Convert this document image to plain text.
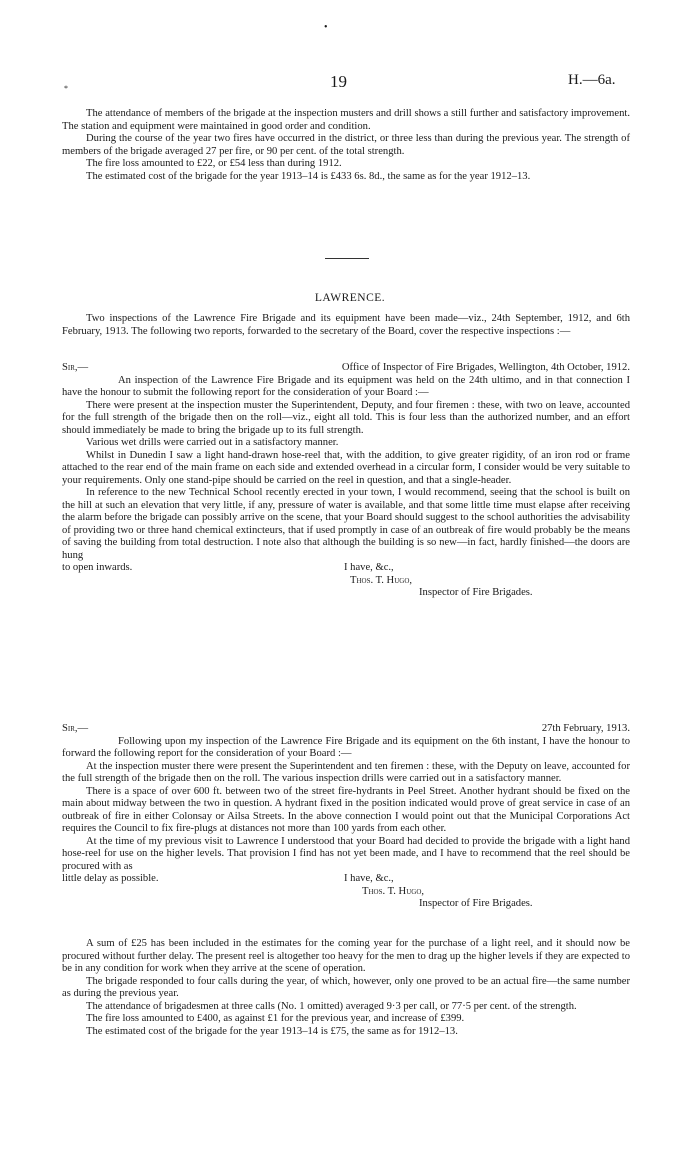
•
19	H.—6a.
*

The attendance of members of the brigade at the inspection musters and drill shows a still further and satisfactory improvement. The station and equipment were maintained in good order and condition.

During the course of the year two fires have occurred in the district, or three less than during the previous year. The strength of members of the brigade averaged 27 per fire, or 90 per cent. of the total strength.

The fire loss amounted to £22, or £54 less than during 1912.

The estimated cost of the brigade for the year 1913–14 is £433 6s. 8d., the same as for the year 1912–13.

LAWRENCE.

Two inspections of the Lawrence Fire Brigade and its equipment have been made—viz., 24th September, 1912, and 6th February, 1913. The following two reports, forwarded to the secretary of the Board, cover the respective inspections :—

Sir,—	Office of Inspector of Fire Brigades, Wellington, 4th October, 1912.

An inspection of the Lawrence Fire Brigade and its equipment was held on the 24th ultimo, and in that connection I have the honour to submit the following report for the consideration of your Board :—

There were present at the inspection muster the Superintendent, Deputy, and four firemen : these, with two on leave, accounted for the full strength of the brigade then on the roll—viz., eight all told. This is four less than the authorized number, and an effort should immediately be made to bring the brigade up to its full strength.

Various wet drills were carried out in a satisfactory manner.

Whilst in Dunedin I saw a light hand-drawn hose-reel that, with the addition, to give greater rigidity, of an iron rod or frame attached to the rear end of the main frame on each side and extended overhead in a circular form, I consider would be very suitable to your requirements. Only one stand-pipe should be carried on the reel in question, and that a single-header.

In reference to the new Technical School recently erected in your town, I would recommend, seeing that the school is built on the hill at such an elevation that very little, if any, pressure of water is available, and that some little time must elapse after receiving the alarm before the brigade can possibly arrive on the scene, that your Board should suggest to the school authorities the advisability of providing two or three hand chemical extincteurs, that if used promptly in case of an outbreak of fire would probably be the means of saving the building from total destruction. I note also that although the building is so new—in fact, hardly finished—the doors are hung

to open inwards.	I have, &c.,
Thos. T. Hugo,
Inspector of Fire Brigades.
Sir,—	27th February, 1913.

Following upon my inspection of the Lawrence Fire Brigade and its equipment on the 6th instant, I have the honour to forward the following report for the consideration of your Board :—

At the inspection muster there were present the Superintendent and ten firemen : these, with the Deputy on leave, accounted for the full strength of the brigade then on the roll. The various inspection drills were carried out in a satisfactory manner.

There is a space of over 600 ft. between two of the street fire-hydrants in Peel Street. Another hydrant should be fixed on the main about midway between the two in question. A hydrant fixed in the position indicated would prove of great service in case of an outbreak of fire in either Colonsay or Ailsa Streets. In the above connection I would point out that the Municipal Corporations Act requires the Council to fix fire-plugs at distances not more than 100 yards from each other.

At the time of my previous visit to Lawrence I understood that your Board had decided to provide the brigade with a light hand hose-reel for use on the higher levels. That provision I find has not yet been made, and I have to recommend that the reel should be procured with as

little delay as possible.	I have, &c.,
Thos. T. Hugo,
Inspector of Fire Brigades.

A sum of £25 has been included in the estimates for the coming year for the purchase of a light reel, and it should now be procured without further delay. The present reel is altogether too heavy for the men to drag up the higher levels if they are expected to be in any condition for work when they arrive at the scene of operation.

The brigade responded to four calls during the year, of which, however, only one proved to be an actual fire—the same number as during the previous year.

The attendance of brigadesmen at three calls (No. 1 omitted) averaged 9·3 per call, or 77·5 per cent. of the strength.

The fire loss amounted to £400, as against £1 for the previous year, and increase of £399.

The estimated cost of the brigade for the year 1913–14 is £75, the same as for 1912–13.
